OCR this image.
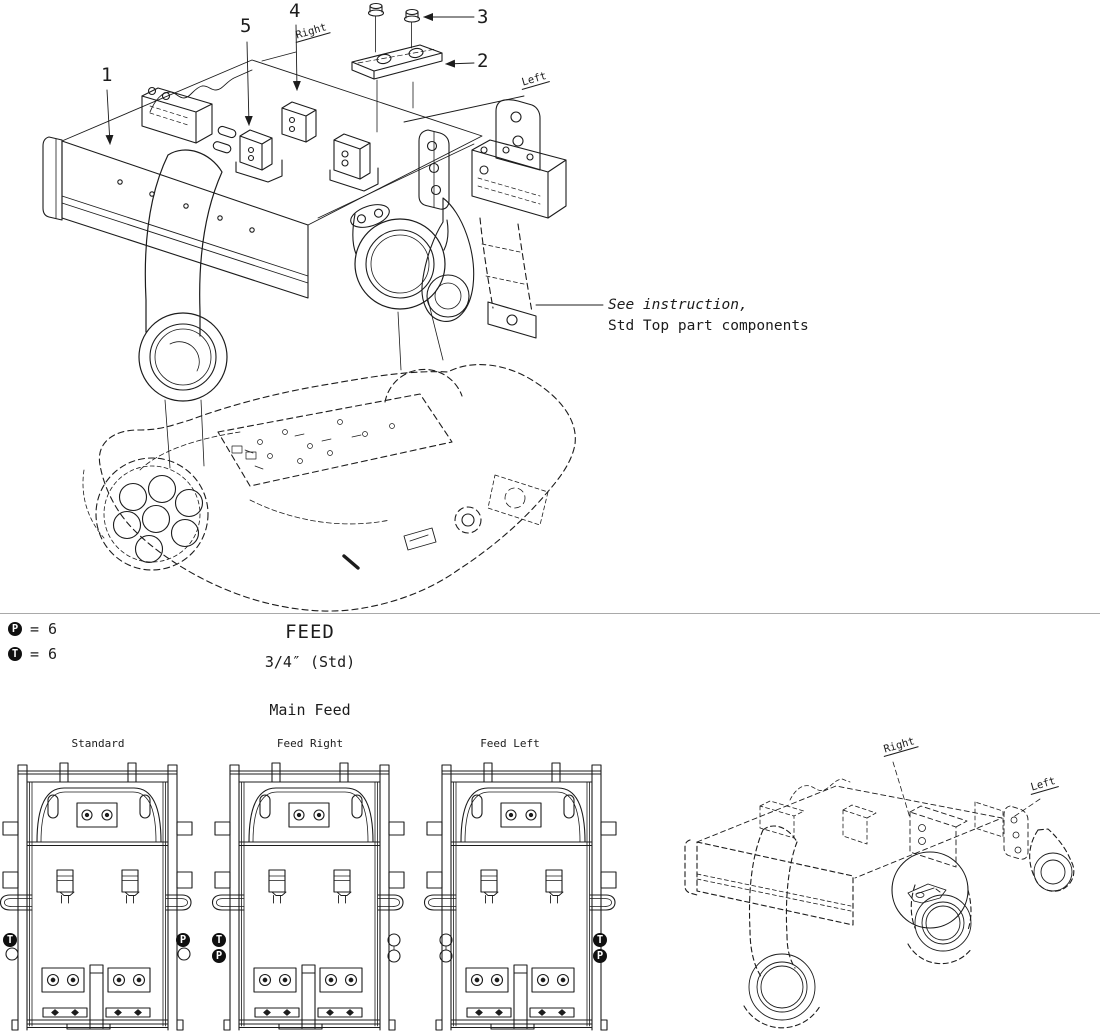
1
2
3
4
5	Right
Left
See instruction,
Std Top part components
P = 6
T = 6
FEED
3/4″ (Std)
Main Feed
Standard	Feed Right	Feed Left
T	P	T
P
T
P
Right
Left
